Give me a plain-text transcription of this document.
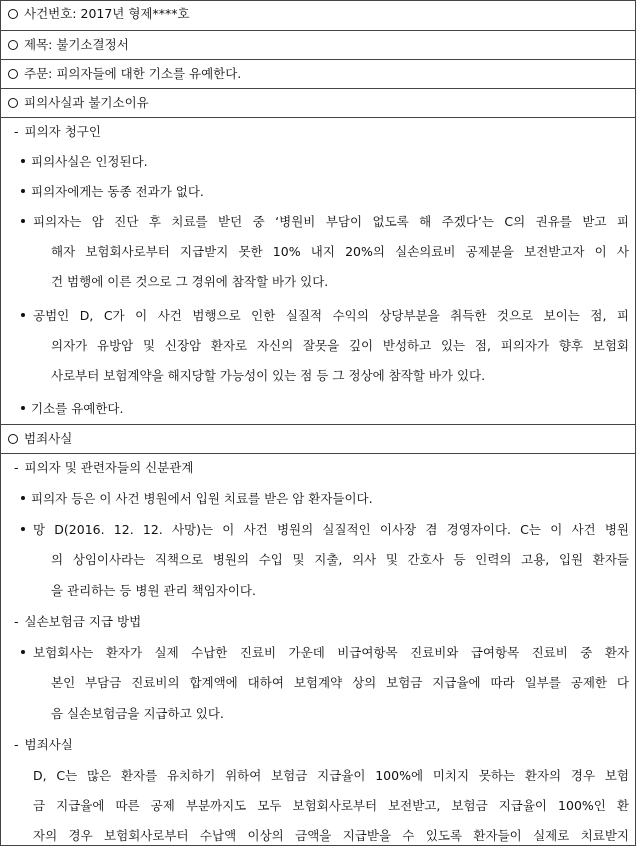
사건번호: 2017년 형제****호
제목: 불기소결정서
주문: 피의자들에 대한 기소를 유예한다.
피의사실과 불기소이유
- 피의자 청구인
피의사실은 인정된다.
피의자에게는 동종 전과가 없다.
피의자는 암 진단 후 치료를 받던 중 ‘병원비 부담이 없도록 해 주겠다’는 C의 권유를 받고 피
해자 보험회사로부터 지급받지 못한 10% 내지 20%의 실손의료비 공제분을 보전받고자 이 사
건 범행에 이른 것으로 그 경위에 참작할 바가 있다.
공범인 D, C가 이 사건 범행으로 인한 실질적 수익의 상당부분을 취득한 것으로 보이는 점, 피
의자가 유방암 및 신장암 환자로 자신의 잘못을 깊이 반성하고 있는 점, 피의자가 향후 보험회
사로부터 보험계약을 해지당할 가능성이 있는 점 등 그 정상에 참작할 바가 있다.
기소를 유예한다.
범죄사실
- 피의자 및 관련자들의 신분관계
피의자 등은 이 사건 병원에서 입원 치료를 받은 암 환자들이다.
망 D(2016. 12. 12. 사망)는 이 사건 병원의 실질적인 이사장 겸 경영자이다. C는 이 사건 병원
의 상임이사라는 직책으로 병원의 수입 및 지출, 의사 및 간호사 등 인력의 고용, 입원 환자들
을 관리하는 등 병원 관리 책임자이다.
- 실손보험금 지급 방법
보험회사는 환자가 실제 수납한 진료비 가운데 비급여항목 진료비와 급여항목 진료비 중 환자
본인 부담금 진료비의 합계액에 대하여 보험계약 상의 보험금 지급율에 따라 일부를 공제한 다
음 실손보험금을 지급하고 있다.
- 범죄사실
D, C는 많은 환자를 유치하기 위하여 보험금 지급율이 100%에 미치지 못하는 환자의 경우 보험
금 지급율에 따른 공제 부분까지도 모두 보험회사로부터 보전받고, 보험금 지급율이 100%인 환
자의 경우 보험회사로부터 수납액 이상의 금액을 지급받을 수 있도록 환자들이 실제로 치료받지
